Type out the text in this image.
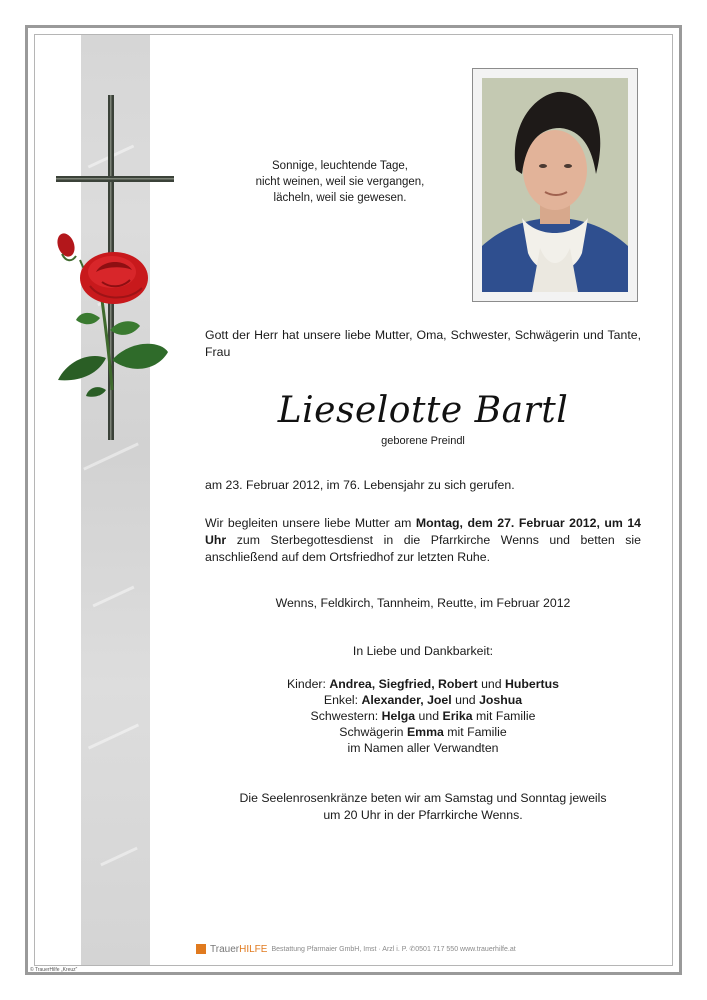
Sonnige, leuchtende Tage,
nicht weinen, weil sie vergangen,
lächeln, weil sie gewesen.
Gott der Herr hat unsere liebe Mutter, Oma, Schwester, Schwägerin und Tante, Frau
Lieselotte Bartl
geborene Preindl
am 23. Februar 2012, im 76. Lebensjahr zu sich gerufen.
Wir begleiten unsere liebe Mutter am Montag, dem 27. Februar 2012, um 14 Uhr zum Sterbegottesdienst in die Pfarrkirche Wenns und betten sie anschließend auf dem Ortsfriedhof zur letzten Ruhe.
Wenns, Feldkirch, Tannheim, Reutte, im Februar 2012
In Liebe und Dankbarkeit:
Kinder: Andrea, Siegfried, Robert und Hubertus
Enkel: Alexander, Joel und Joshua
Schwestern: Helga und Erika mit Familie
Schwägerin Emma mit Familie
im Namen aller Verwandten
Die Seelenrosenkränze beten wir am Samstag und Sonntag jeweils
um 20 Uhr in der Pfarrkirche Wenns.
TrauerHILFE Bestattung Pfarmaier GmbH, Imst · Arzl i. P. ✆0501 717 550 www.trauerhilfe.at
© TrauerHilfe „Kreuz“
